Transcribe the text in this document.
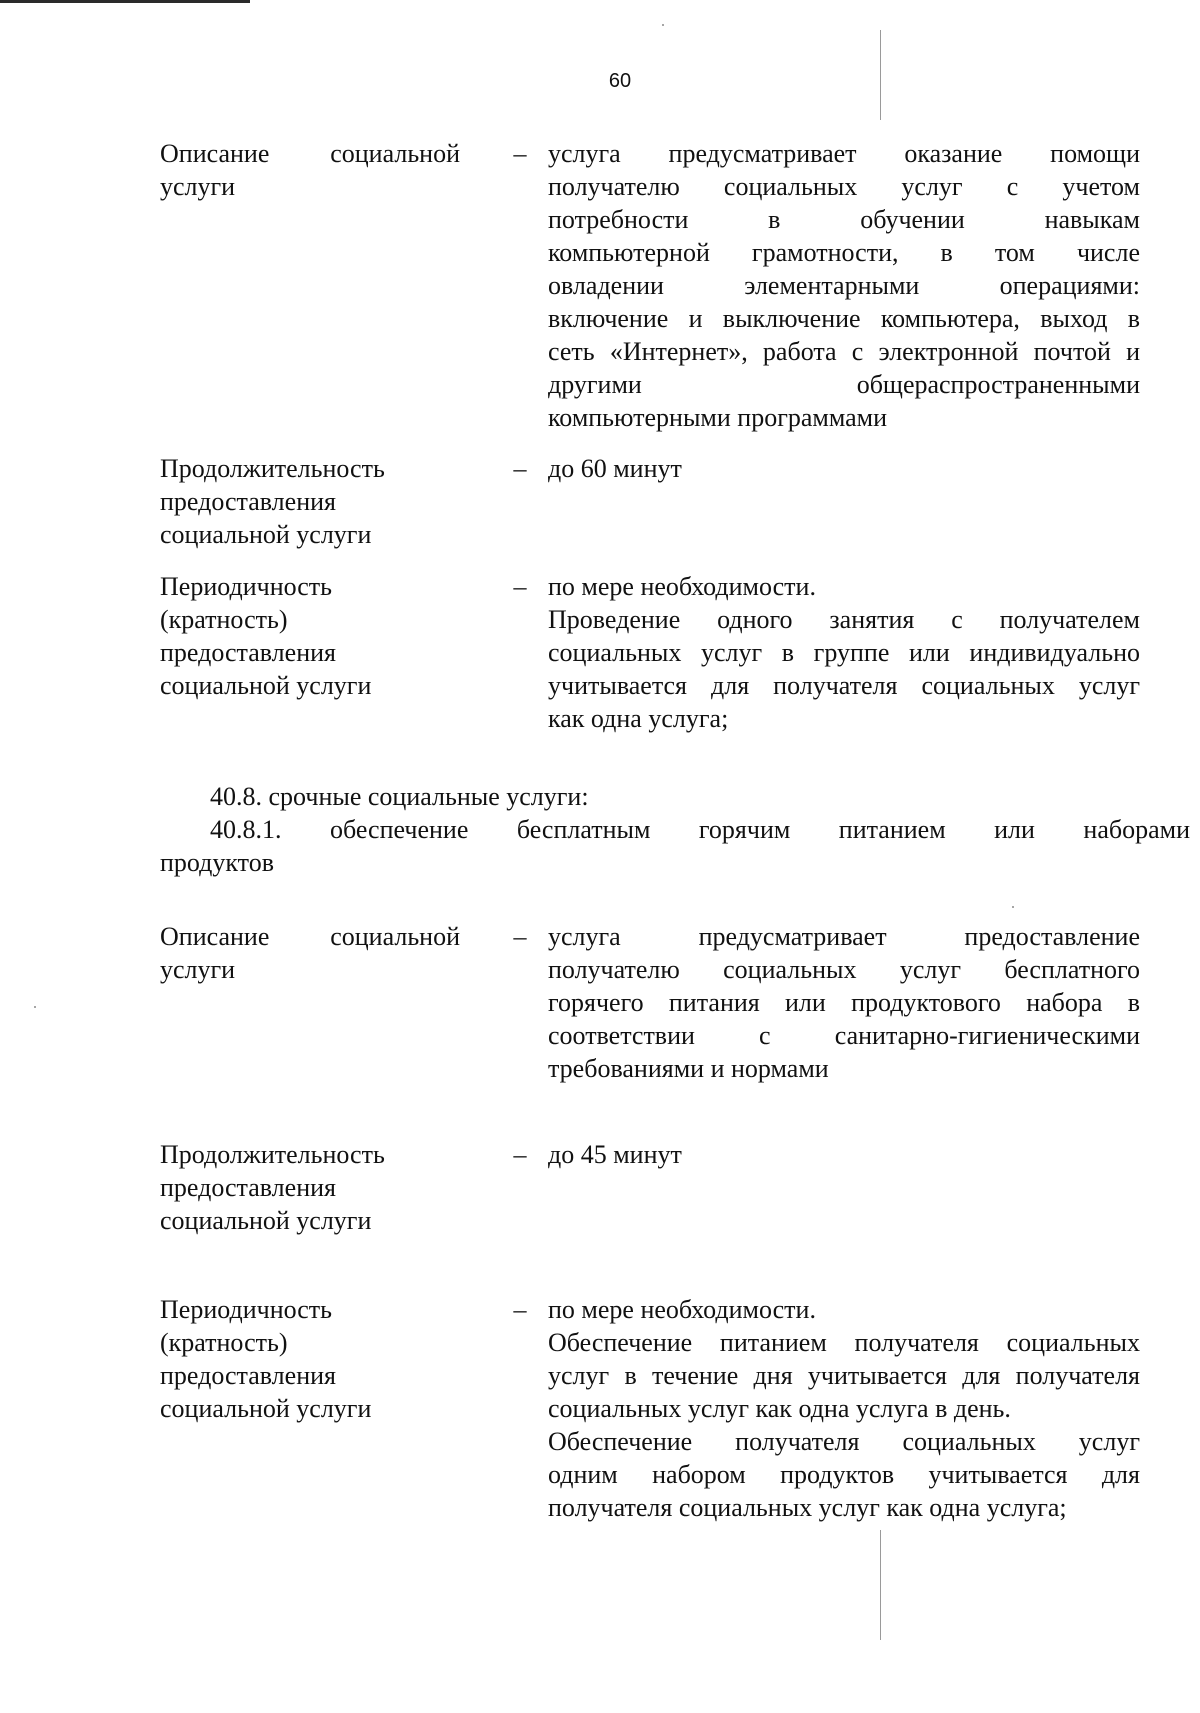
60
Описание социальной
услуги
– услуга предусматривает оказание помощи
получателю социальных услуг с учетом
потребности в обучении навыкам
компьютерной грамотности, в том числе
овладении элементарными операциями:
включение и выключение компьютера, выход в
сеть «Интернет», работа с электронной почтой и
другими общераспространенными
компьютерными программами
Продолжительность
предоставления
социальной услуги
– до 60 минут
Периодичность
(кратность)
предоставления
социальной услуги
– по мере необходимости.
Проведение одного занятия с получателем
социальных услуг в группе или индивидуально
учитывается для получателя социальных услуг
как одна услуга;
40.8. срочные социальные услуги:
40.8.1. обеспечение бесплатным горячим питанием или наборами
продуктов
Описание социальной
услуги
– услуга предусматривает предоставление
получателю социальных услуг бесплатного
горячего питания или продуктового набора в
соответствии с санитарно-гигиеническими
требованиями и нормами
Продолжительность
предоставления
социальной услуги
– до 45 минут
Периодичность
(кратность)
предоставления
социальной услуги
– по мере необходимости.
Обеспечение питанием получателя социальных
услуг в течение дня учитывается для получателя
социальных услуг как одна услуга в день.
Обеспечение получателя социальных услуг
одним набором продуктов учитывается для
получателя социальных услуг как одна услуга;
